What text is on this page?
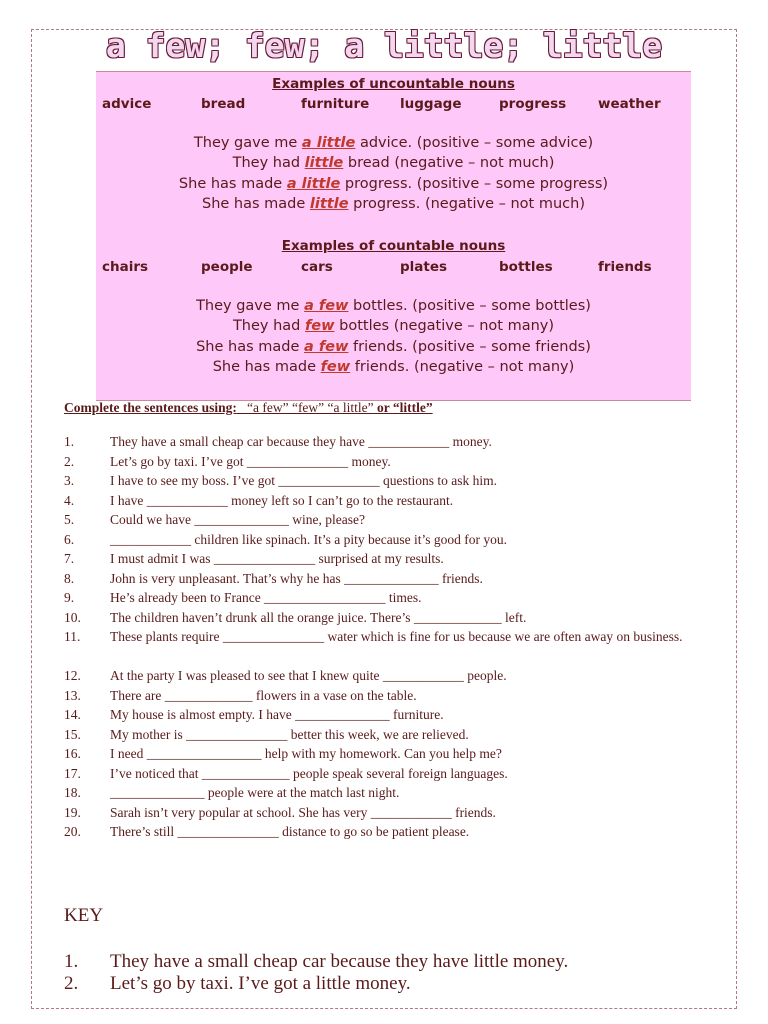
a few; few; a little; little
Examples of uncountable nouns
advice	bread	furniture luggage	progress weather
They gave me a little advice. (positive – some advice)
They had little bread (negative – not much)
She has made a little progress. (positive – some progress)
She has made little progress. (negative – not much)
Examples of countable nouns
chairs	people	cars	plates	bottles	friends
They gave me a few bottles. (positive – some bottles)
They had few bottles (negative – not many)
She has made a few friends. (positive – some friends)
She has made few friends. (negative – not many)
Complete the sentences using: “a few” “few” “a little” or “little”
1.	They have a small cheap car because they have ____________ money.
2.	Let’s go by taxi. I’ve got _______________ money.
3.	I have to see my boss. I’ve got _______________ questions to ask him.
4.	I have ____________ money left so I can’t go to the restaurant.
5.	Could we have ______________ wine, please?
6.	____________ children like spinach. It’s a pity because it’s good for you.
7.	I must admit I was _______________ surprised at my results.
8.	John is very unpleasant. That’s why he has ______________ friends.
9.	He’s already been to France __________________ times.
10. The children haven’t drunk all the orange juice. There’s _____________ left.
11. These plants require _______________ water which is fine for us because we are often away on business.
12. At the party I was pleased to see that I knew quite ____________ people.
13. There are _____________ flowers in a vase on the table.
14. My house is almost empty. I have ______________ furniture.
15. My mother is _______________ better this week, we are relieved.
16. I need _________________ help with my homework. Can you help me?
17. I’ve noticed that _____________ people speak several foreign languages.
18. ______________ people were at the match last night.
19. Sarah isn’t very popular at school. She has very ____________ friends.
20. There’s still _______________ distance to go so be patient please.
KEY
1. They have a small cheap car because they have little money.
2. Let’s go by taxi. I’ve got a little money.
